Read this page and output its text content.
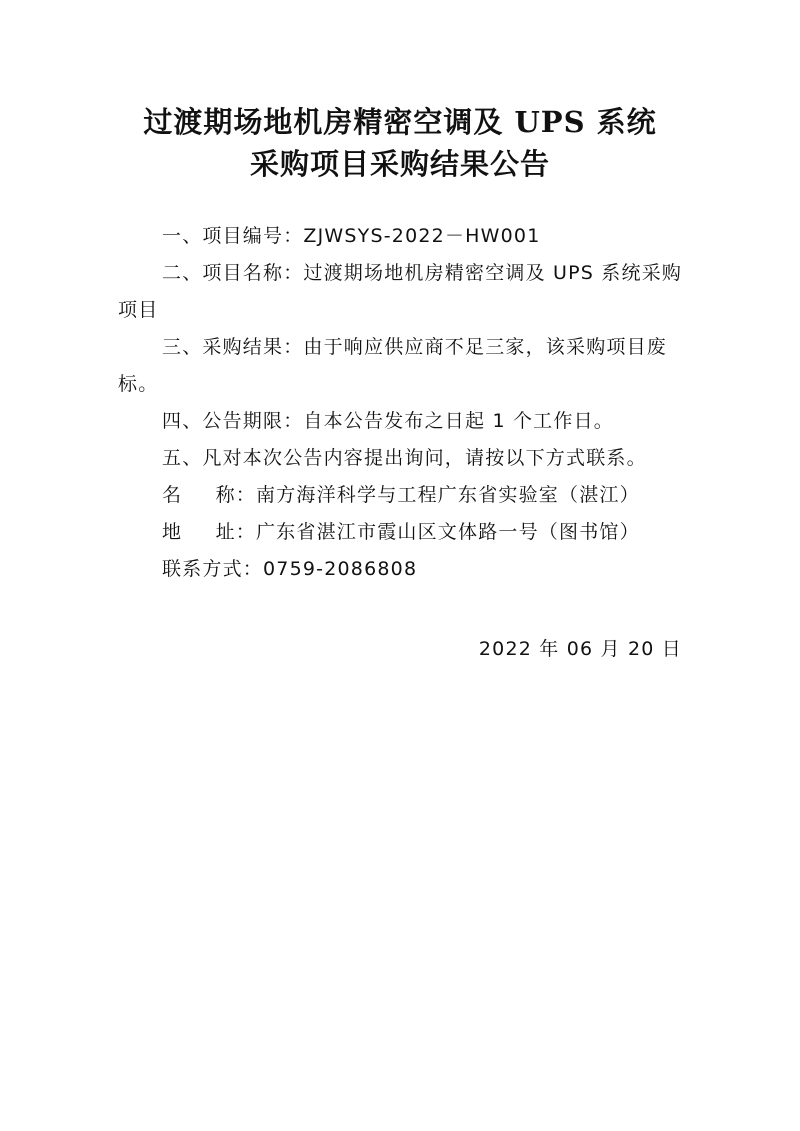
过渡期场地机房精密空调及 UPS 系统
采购项目采购结果公告

一、项目编号：ZJWSYS-2022－HW001

二、项目名称：过渡期场地机房精密空调及 UPS 系统采购项目

三、采购结果：由于响应供应商不足三家，该采购项目废标。

四、公告期限：自本公告发布之日起 1 个工作日。

五、凡对本次公告内容提出询问，请按以下方式联系。

名 称： 南方海洋科学与工程广东省实验室（湛江）

地 址： 广东省湛江市霞山区文体路一号（图书馆）

联系方式：0759-2086808

2022 年 06 月 20 日
